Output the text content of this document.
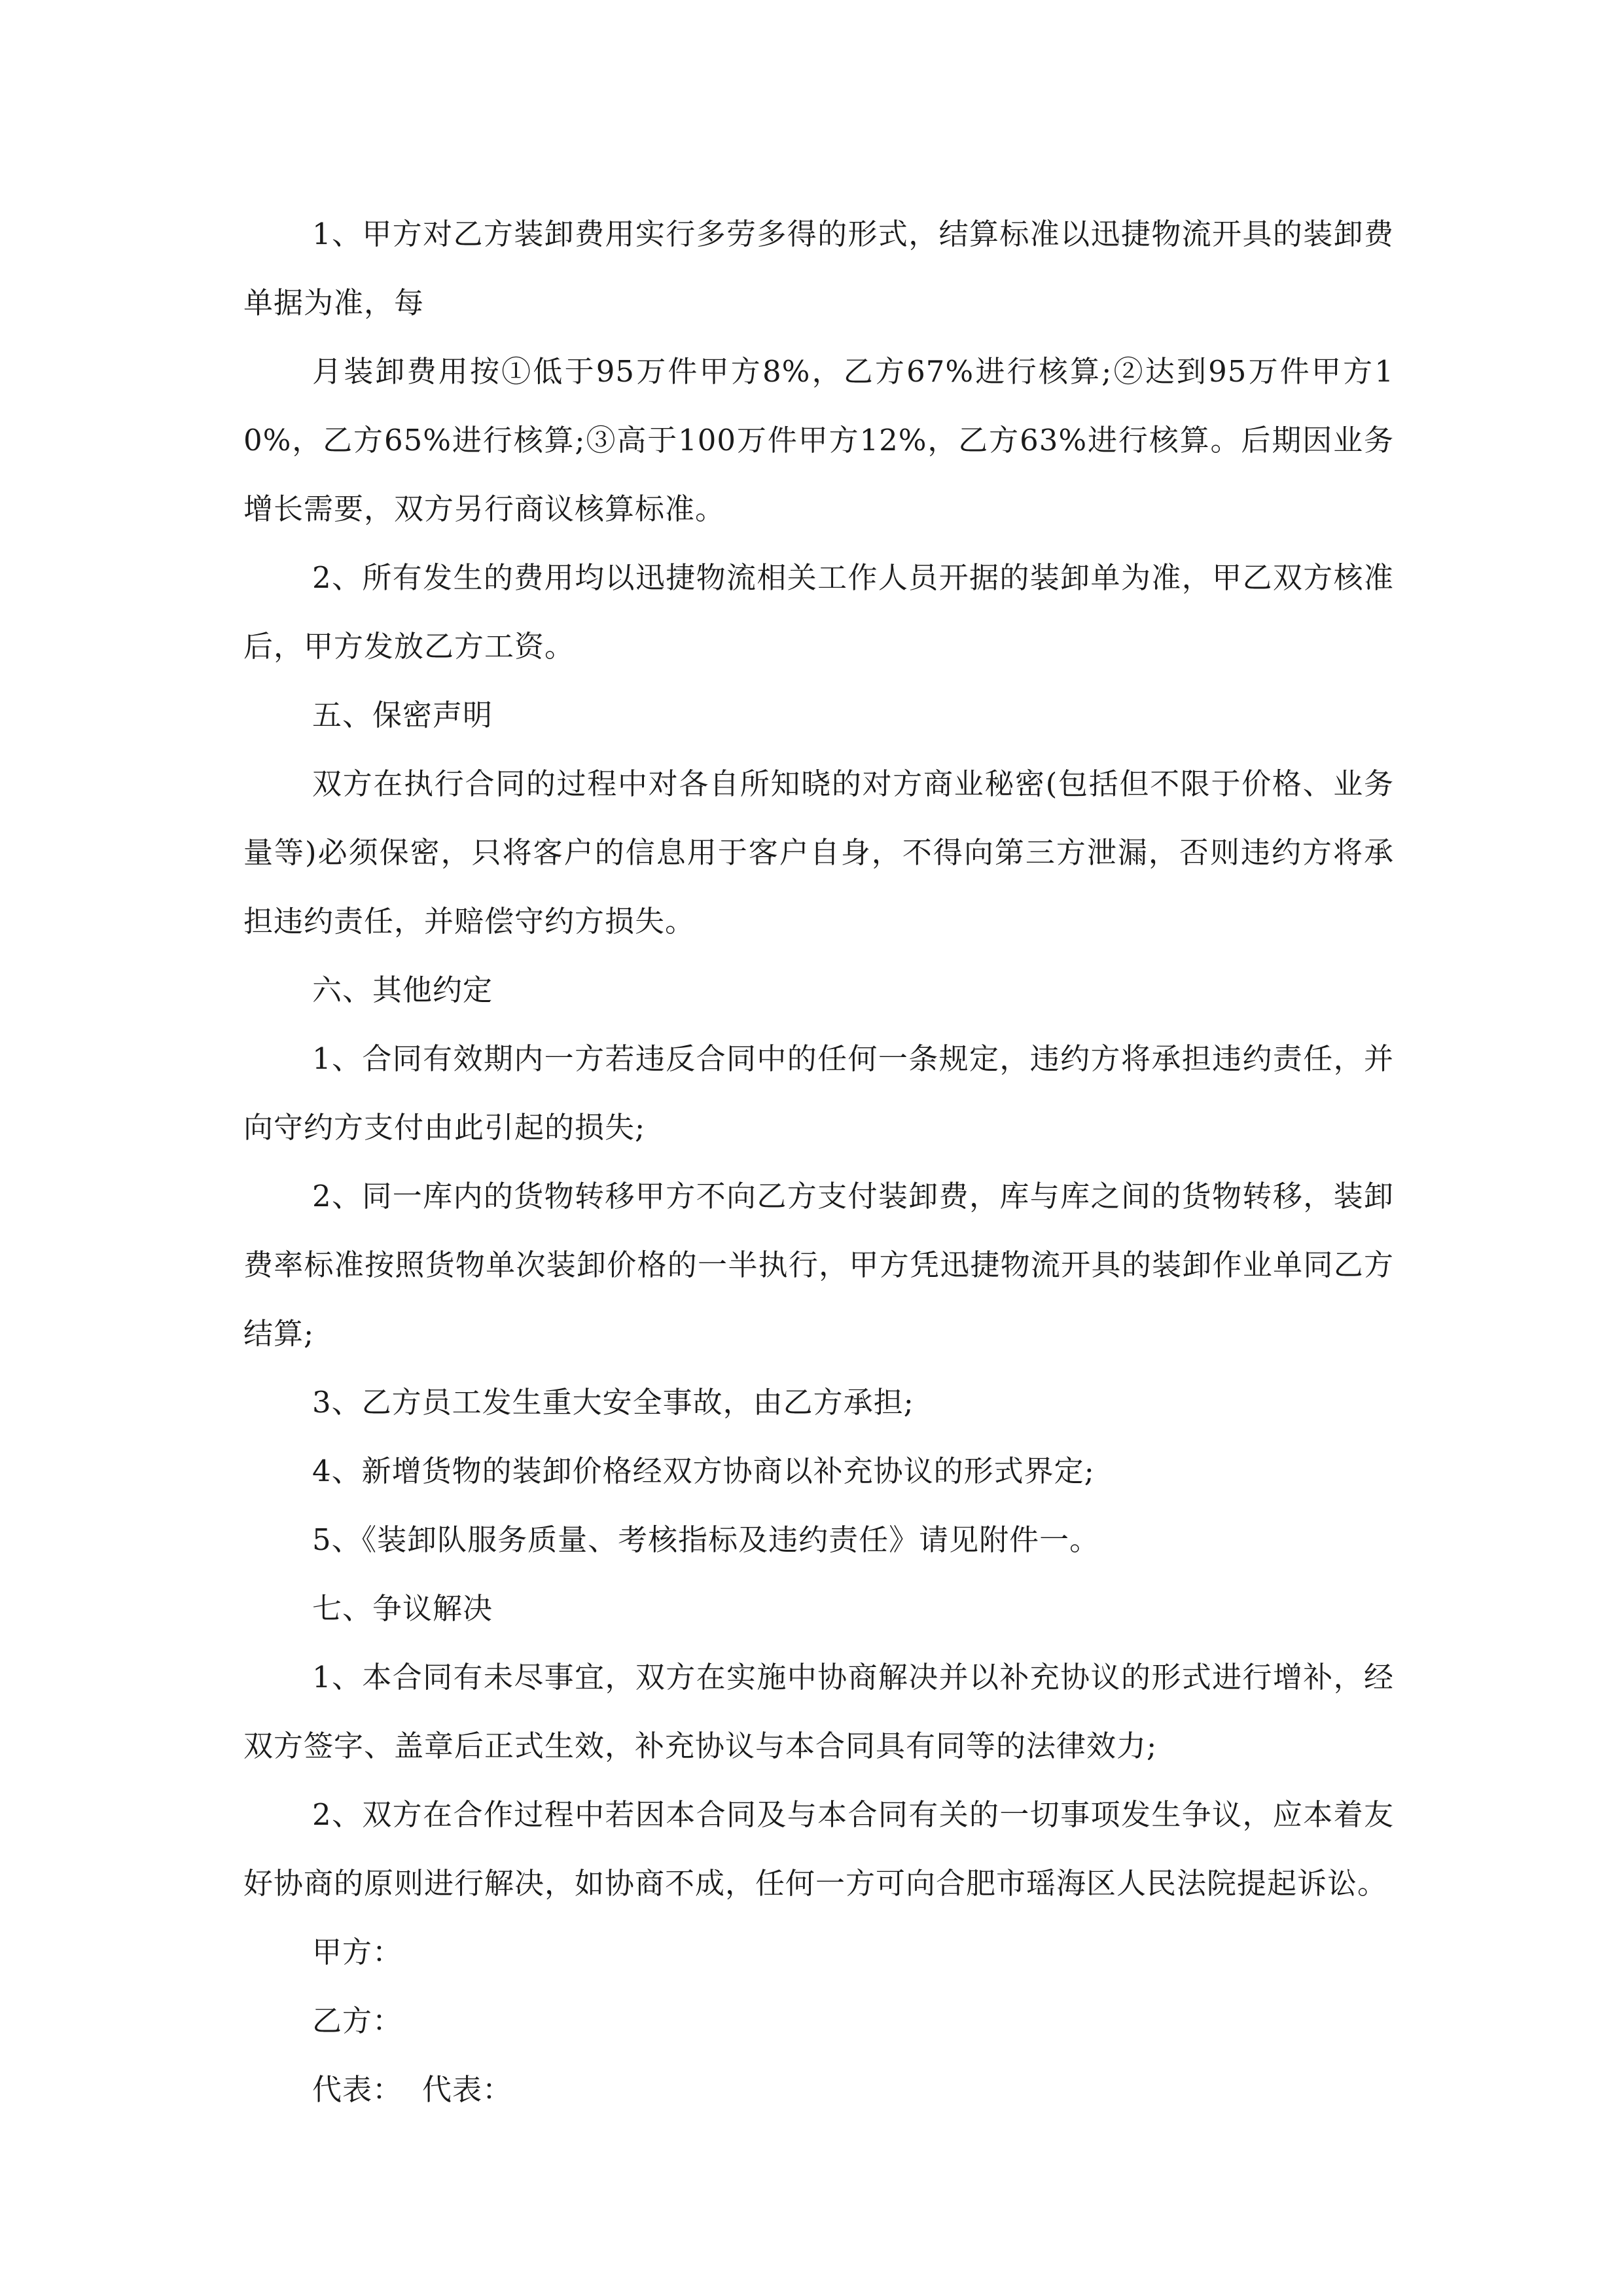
1、甲方对乙方装卸费用实行多劳多得的形式，结算标准以迅捷物流开具的装卸费单据为准，每

月装卸费用按①低于95万件甲方8%，乙方67%进行核算;②达到95万件甲方10%，乙方65%进行核算;③高于100万件甲方12%，乙方63%进行核算。后期因业务增长需要，双方另行商议核算标准。

2、所有发生的费用均以迅捷物流相关工作人员开据的装卸单为准，甲乙双方核准后，甲方发放乙方工资。

五、保密声明

双方在执行合同的过程中对各自所知晓的对方商业秘密(包括但不限于价格、业务量等)必须保密，只将客户的信息用于客户自身，不得向第三方泄漏，否则违约方将承担违约责任，并赔偿守约方损失。

六、其他约定

1、合同有效期内一方若违反合同中的任何一条规定，违约方将承担违约责任，并向守约方支付由此引起的损失;

2、同一库内的货物转移甲方不向乙方支付装卸费，库与库之间的货物转移，装卸费率标准按照货物单次装卸价格的一半执行，甲方凭迅捷物流开具的装卸作业单同乙方结算;

3、乙方员工发生重大安全事故，由乙方承担;

4、新增货物的装卸价格经双方协商以补充协议的形式界定;

5、《装卸队服务质量、考核指标及违约责任》请见附件一。

七、争议解决

1、本合同有未尽事宜，双方在实施中协商解决并以补充协议的形式进行增补，经双方签字、盖章后正式生效，补充协议与本合同具有同等的法律效力;

2、双方在合作过程中若因本合同及与本合同有关的一切事项发生争议，应本着友好协商的原则进行解决，如协商不成，任何一方可向合肥市瑶海区人民法院提起诉讼。

甲方：

乙方：

代表： 代表：
